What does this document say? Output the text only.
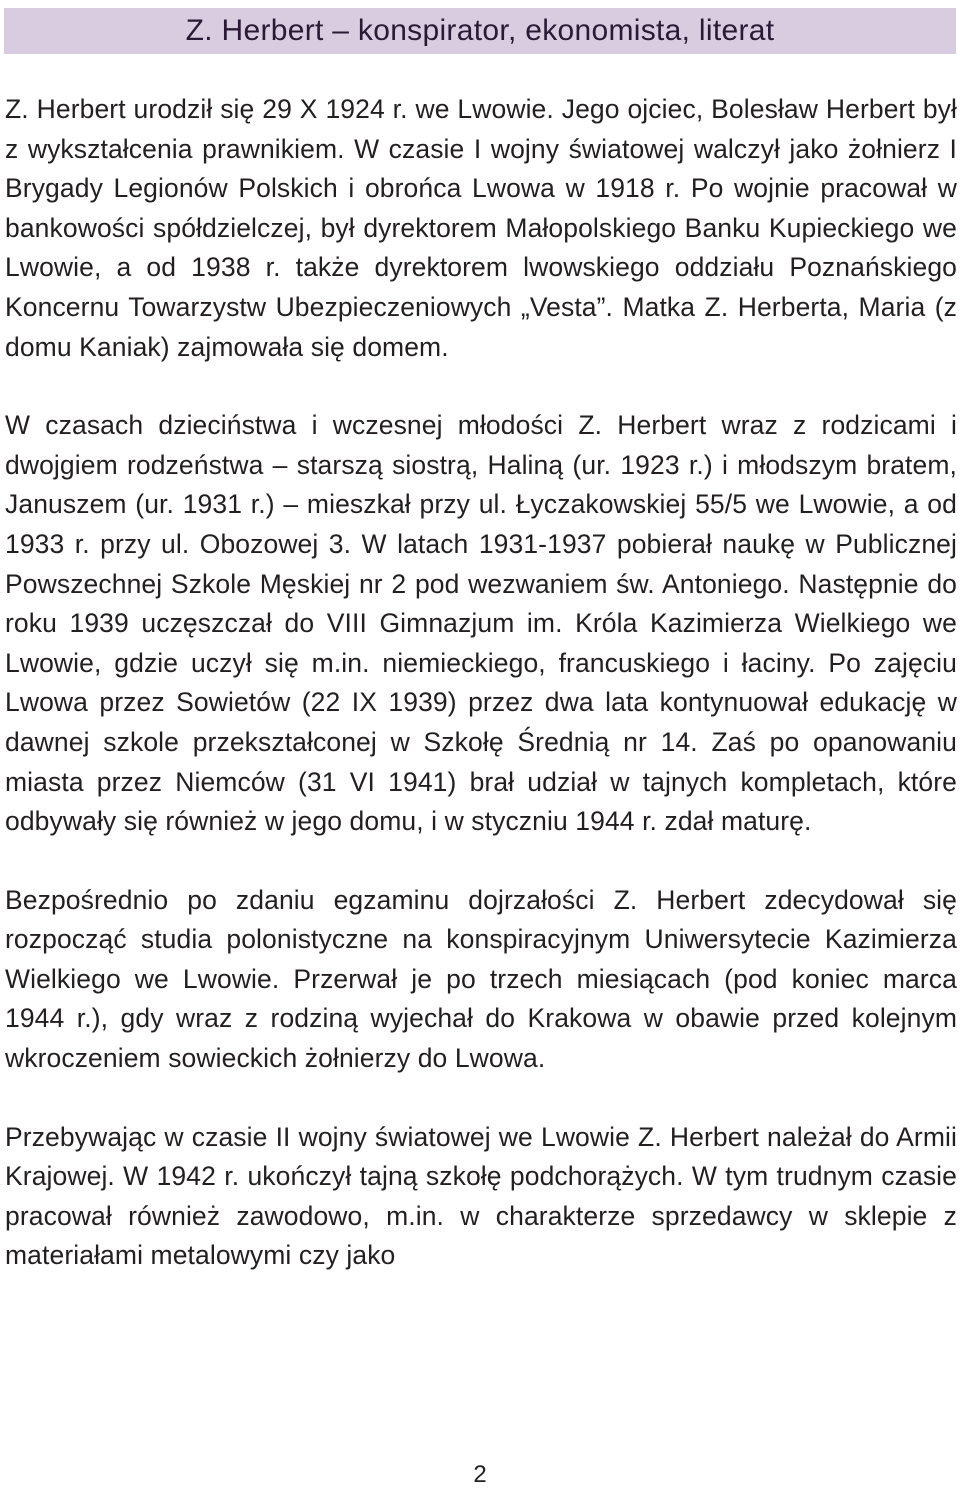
Z. Herbert – konspirator, ekonomista, literat

Z. Herbert urodził się 29 X 1924 r. we Lwowie. Jego ojciec, Bolesław Herbert był z wykształcenia prawnikiem. W czasie I wojny światowej walczył jako żołnierz I Brygady Legionów Polskich i obrońca Lwowa w 1918 r. Po wojnie pracował w bankowości spółdzielczej, był dyrektorem Małopolskiego Banku Kupieckiego we Lwowie, a od 1938 r. także dyrektorem lwowskiego oddziału Poznańskiego Koncernu Towarzystw Ubezpieczeniowych „Vesta”. Matka Z. Herberta, Maria (z domu Kaniak) zajmowała się domem.

W czasach dzieciństwa i wczesnej młodości Z. Herbert wraz z rodzicami i dwojgiem rodzeństwa – starszą siostrą, Haliną (ur. 1923 r.) i młodszym bratem, Januszem (ur. 1931 r.) – mieszkał przy ul. Łyczakowskiej 55/5 we Lwowie, a od 1933 r. przy ul. Obozowej 3. W latach 1931-1937 pobierał naukę w Publicznej Powszechnej Szkole Męskiej nr 2 pod wezwaniem św. Antoniego. Następnie do roku 1939 uczęszczał do VIII Gimnazjum im. Króla Kazimierza Wielkiego we Lwowie, gdzie uczył się m.in. niemieckiego, francuskiego i łaciny. Po zajęciu Lwowa przez Sowietów (22 IX 1939) przez dwa lata kontynuował edukację w dawnej szkole przekształconej w Szkołę Średnią nr 14. Zaś po opanowaniu miasta przez Niemców (31 VI 1941) brał udział w tajnych kompletach, które odbywały się również w jego domu, i w styczniu 1944 r. zdał maturę.

Bezpośrednio po zdaniu egzaminu dojrzałości Z. Herbert zdecydował się rozpocząć studia polonistyczne na konspiracyjnym Uniwersytecie Kazimierza Wielkiego we Lwowie. Przerwał je po trzech miesiącach (pod koniec marca 1944 r.), gdy wraz z rodziną wyjechał do Krakowa w obawie przed kolejnym wkroczeniem sowieckich żołnierzy do Lwowa.

Przebywając w czasie II wojny światowej we Lwowie Z. Herbert należał do Armii Krajowej. W 1942 r. ukończył tajną szkołę podchorążych. W tym trudnym czasie pracował również zawodowo, m.in. w charakterze sprzedawcy w sklepie z materiałami metalowymi czy jako

2
